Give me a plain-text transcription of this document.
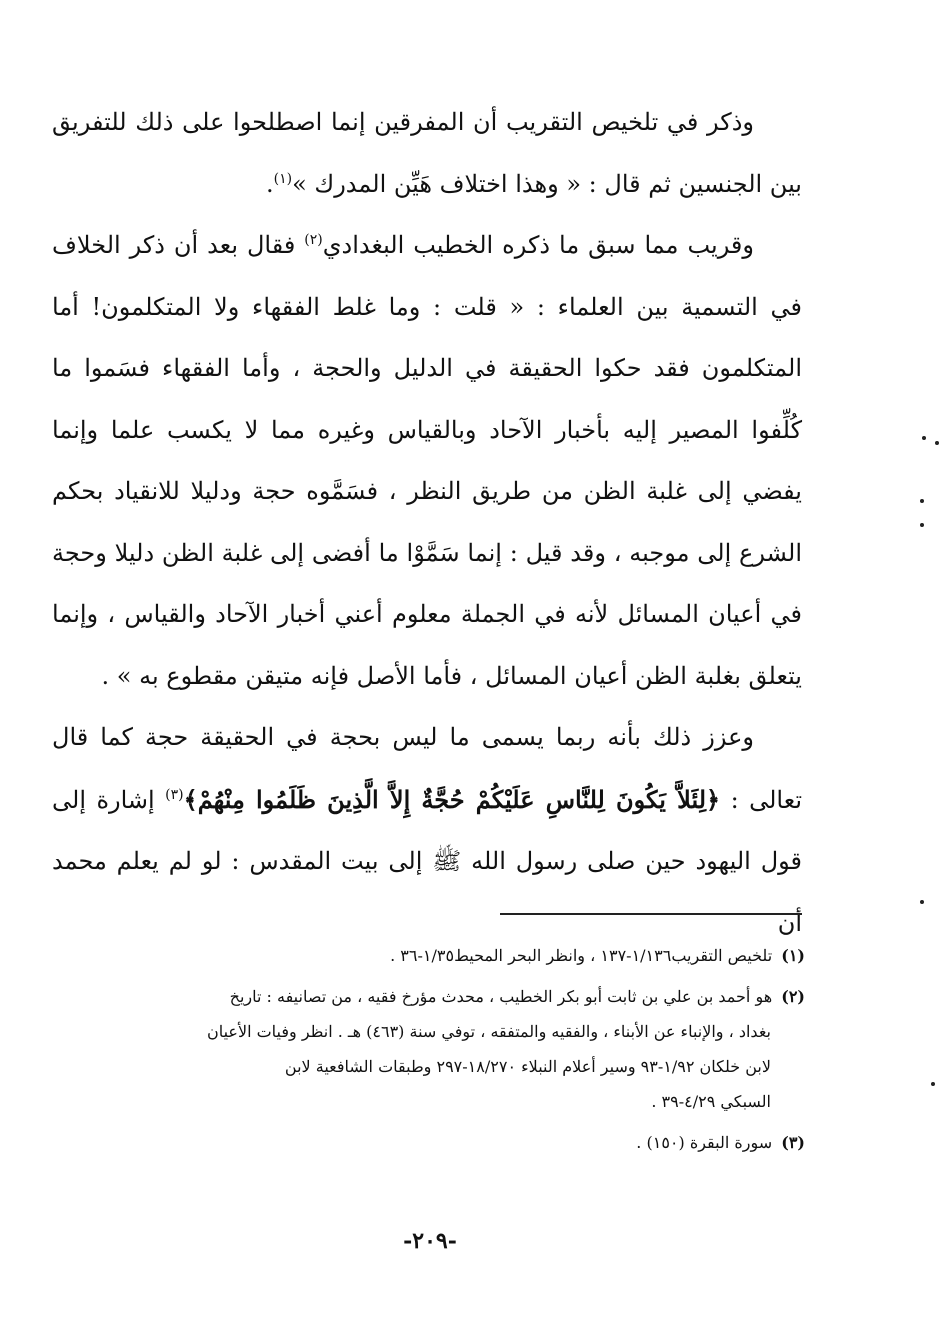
وذكر في تلخيص التقريب أن المفرقين إنما اصطلحوا على ذلك للتفريق بين الجنسين ثم قال : « وهذا اختلاف هَيِّن المدرك »$^{(١)}$.

وقريب مما سبق ما ذكره الخطيب البغدادي$^{(٢)}$ فقال بعد أن ذكر الخلاف في التسمية بين العلماء : « قلت : وما غلط الفقهاء ولا المتكلمون! أما المتكلمون فقد حكوا الحقيقة في الدليل والحجة ، وأما الفقهاء فسَموا ما كُلِّفوا المصير إليه بأخبار الآحاد وبالقياس وغيره مما لا يكسب علما وإنما يفضي إلى غلبة الظن من طريق النظر ، فسَمَّوه حجة ودليلا للانقياد بحكم الشرع إلى موجبه ، وقد قيل : إنما سَمَّوْا ما أفضى إلى غلبة الظن دليلا وحجة في أعيان المسائل لأنه في الجملة معلوم أعني أخبار الآحاد والقياس ، وإنما يتعلق بغلبة الظن أعيان المسائل ، فأما الأصل فإنه متيقن مقطوع به » .

وعزز ذلك بأنه ربما يسمى ما ليس بحجة في الحقيقة حجة كما قال تعالى : ﴿لِئَلاَّ يَكُونَ لِلنَّاسِ عَلَيْكُمْ حُجَّةٌ إِلاَّ الَّذِينَ ظَلَمُوا مِنْهُمْ﴾$^{(٣)}$ إشارة إلى قول اليهود حين صلى رسول الله ﷺ إلى بيت المقدس : لو لم يعلم محمد أن

(١) تلخيص التقريب١/١٣٦-١٣٧ ، وانظر البحر المحيط١/٣٥-٣٦ .

(٢) هو أحمد بن علي بن ثابت أبو بكر الخطيب ، محدث مؤرخ فقيه ، من تصانيفه : تاريخ
بغداد ، والإنباء عن الأبناء ، والفقيه والمتفقه ، توفي سنة (٤٦٣) هـ . انظر وفيات الأعيان
لابن خلكان ١/٩٢-٩٣ وسير أعلام النبلاء ١٨/٢٧٠-٢٩٧ وطبقات الشافعية لابن
السبكي ٤/٢٩-٣٩ .

(٣) سورة البقرة (١٥٠) .

-٢٠٩-
